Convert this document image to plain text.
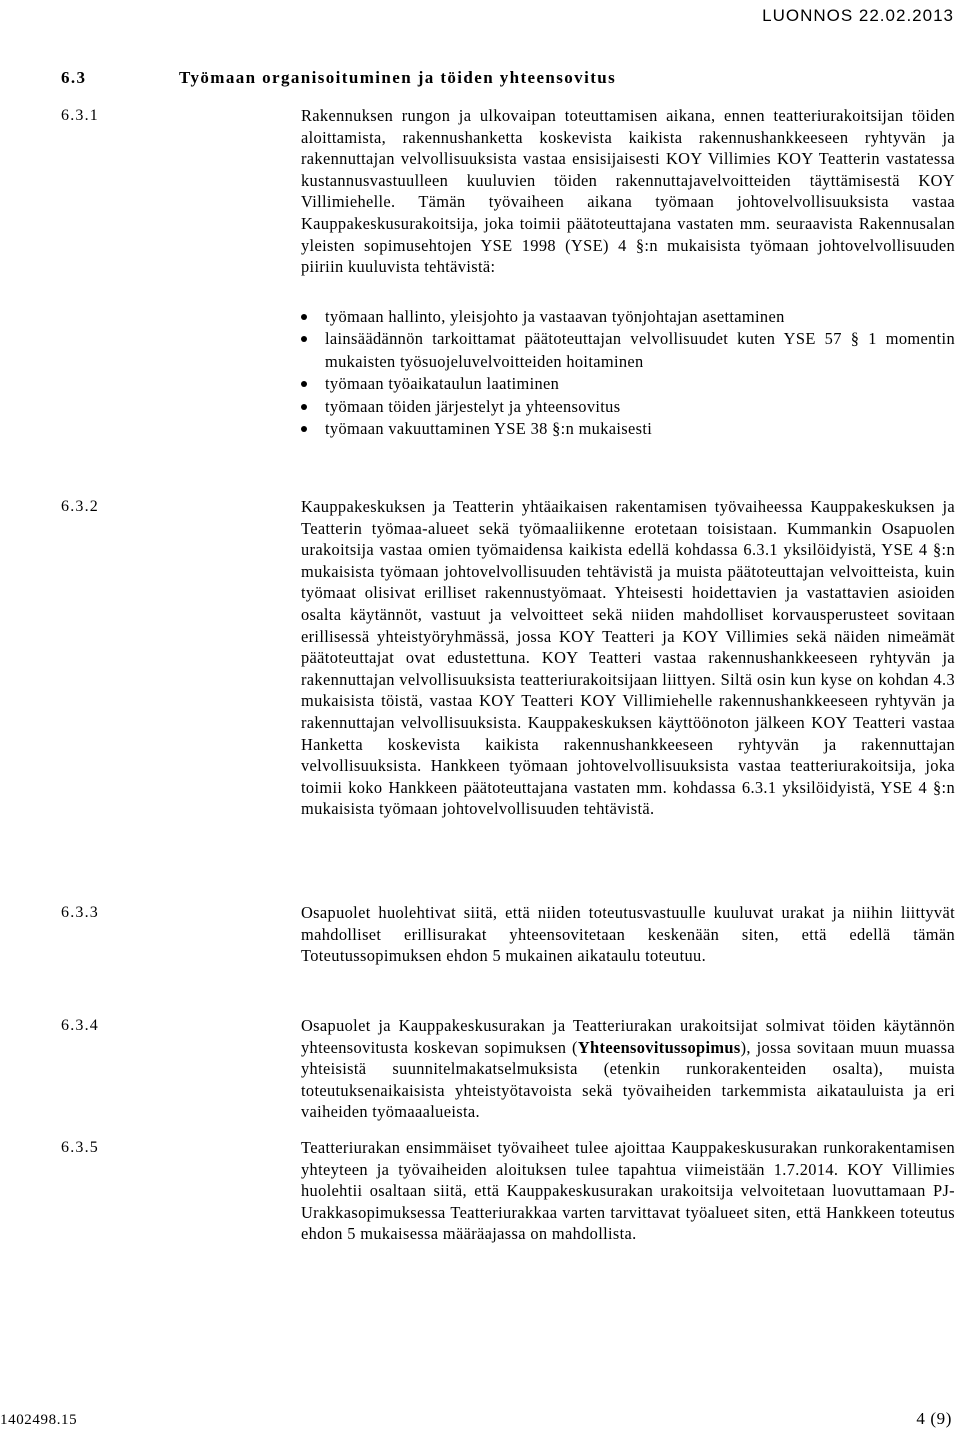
LUONNOS 22.02.2013
6.3	Työmaan organisoituminen ja töiden yhteensovitus
6.3.1	Rakennuksen rungon ja ulkovaipan toteuttamisen aikana, ennen teatteriurakoitsijan töiden aloittamista, rakennushanketta koskevista kaikista rakennushankkeeseen ryhtyvän ja rakennuttajan velvollisuuksista vastaa ensisijaisesti KOY Villimies KOY Teatterin vastatessa kustannusvastuulleen kuuluvien töiden rakennuttajavelvoitteiden täyttämisestä KOY Villimiehelle. Tämän työvaiheen aikana työmaan johtovelvollisuuksista vastaa Kauppakeskusurakoitsija, joka toimii päätoteuttajana vastaten mm. seuraavista Rakennusalan yleisten sopimusehtojen YSE 1998 (YSE) 4 §:n mukaisista työmaan johtovelvollisuuden piiriin kuuluvista tehtävistä:

työmaan hallinto, yleisjohto ja vastaavan työnjohtajan asettaminen
lainsäädännön tarkoittamat päätoteuttajan velvollisuudet kuten YSE 57 § 1 momentin mukaisten työsuojeluvelvoitteiden hoitaminen
työmaan työaikataulun laatiminen
työmaan töiden järjestelyt ja yhteensovitus
työmaan vakuuttaminen YSE 38 §:n mukaisesti
6.3.2	Kauppakeskuksen ja Teatterin yhtäaikaisen rakentamisen työvaiheessa Kauppakeskuksen ja Teatterin työmaa-alueet sekä työmaaliikenne erotetaan toisistaan. Kummankin Osapuolen urakoitsija vastaa omien työmaidensa kaikista edellä kohdassa 6.3.1 yksilöidyistä, YSE 4 §:n mukaisista työmaan johtovelvollisuuden tehtävistä ja muista päätoteuttajan velvoitteista, kuin työmaat olisivat erilliset rakennustyömaat. Yhteisesti hoidettavien ja vastattavien asioiden osalta käytännöt, vastuut ja velvoitteet sekä niiden mahdolliset korvausperusteet sovitaan erillisessä yhteistyöryhmässä, jossa KOY Teatteri ja KOY Villimies sekä näiden nimeämät päätoteuttajat ovat edustettuna. KOY Teatteri vastaa rakennushankkeeseen ryhtyvän ja rakennuttajan velvollisuuksista teatteriurakoitsijaan liittyen. Siltä osin kun kyse on kohdan 4.3 mukaisista töistä, vastaa KOY Teatteri KOY Villimiehelle rakennushankkeeseen ryhtyvän ja rakennuttajan velvollisuuksista. Kauppakeskuksen käyttöönoton jälkeen KOY Teatteri vastaa Hanketta koskevista kaikista rakennushankkeeseen ryhtyvän ja rakennuttajan velvollisuuksista. Hankkeen työmaan johtovelvollisuuksista vastaa teatteriurakoitsija, joka toimii koko Hankkeen päätoteuttajana vastaten mm. kohdassa 6.3.1 yksilöidyistä, YSE 4 §:n mukaisista työmaan johtovelvollisuuden tehtävistä.

6.3.3	Osapuolet huolehtivat siitä, että niiden toteutusvastuulle kuuluvat urakat ja niihin liittyvät mahdolliset erillisurakat yhteensovitetaan keskenään siten, että edellä tämän Toteutussopimuksen ehdon 5 mukainen aikataulu toteutuu.

6.3.4	Osapuolet ja Kauppakeskusurakan ja Teatteriurakan urakoitsijat solmivat töiden käytännön yhteensovitusta koskevan sopimuksen (Yhteensovitussopimus), jossa sovitaan muun muassa yhteisistä suunnitelmakatselmuksista (etenkin runkorakenteiden osalta), muista toteutuksenaikaisista yhteistyötavoista sekä työvaiheiden tarkemmista aikatauluista ja eri vaiheiden työmaaalueista.

6.3.5	Teatteriurakan ensimmäiset työvaiheet tulee ajoittaa Kauppakeskusurakan runkorakentamisen yhteyteen ja työvaiheiden aloituksen tulee tapahtua viimeistään 1.7.2014. KOY Villimies huolehtii osaltaan siitä, että Kauppakeskusurakan urakoitsija velvoitetaan luovuttamaan PJ-Urakkasopimuksessa Teatteriurakkaa varten tarvittavat työalueet siten, että Hankkeen toteutus ehdon 5 mukaisessa määräajassa on mahdollista.

1402498.15	4 (9)
